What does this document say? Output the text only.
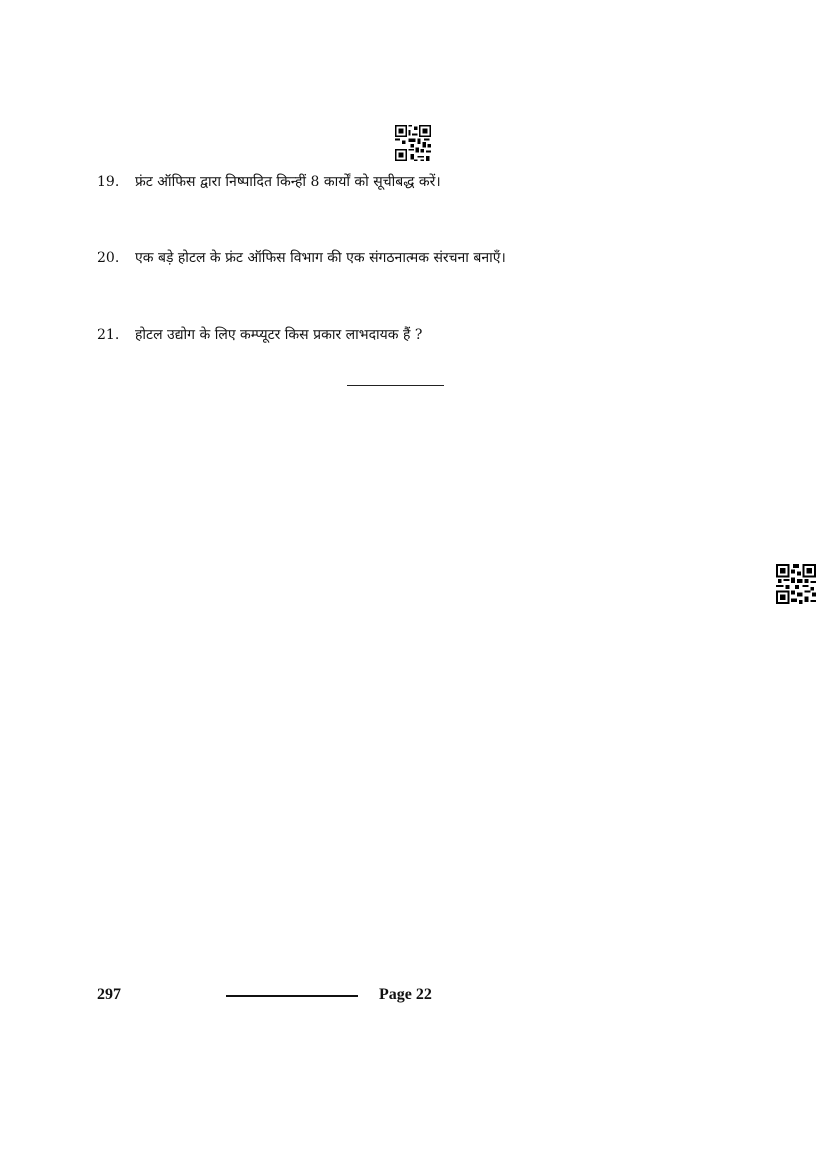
19. फ्रंट ऑफिस द्वारा निष्पादित किन्हीं 8 कार्यों को सूचीबद्ध करें।
20. एक बड़े होटल के फ्रंट ऑफिस विभाग की एक संगठनात्मक संरचना बनाएँ।
21. होटल उद्योग के लिए कम्प्यूटर किस प्रकार लाभदायक हैं ?
297	Page 22
